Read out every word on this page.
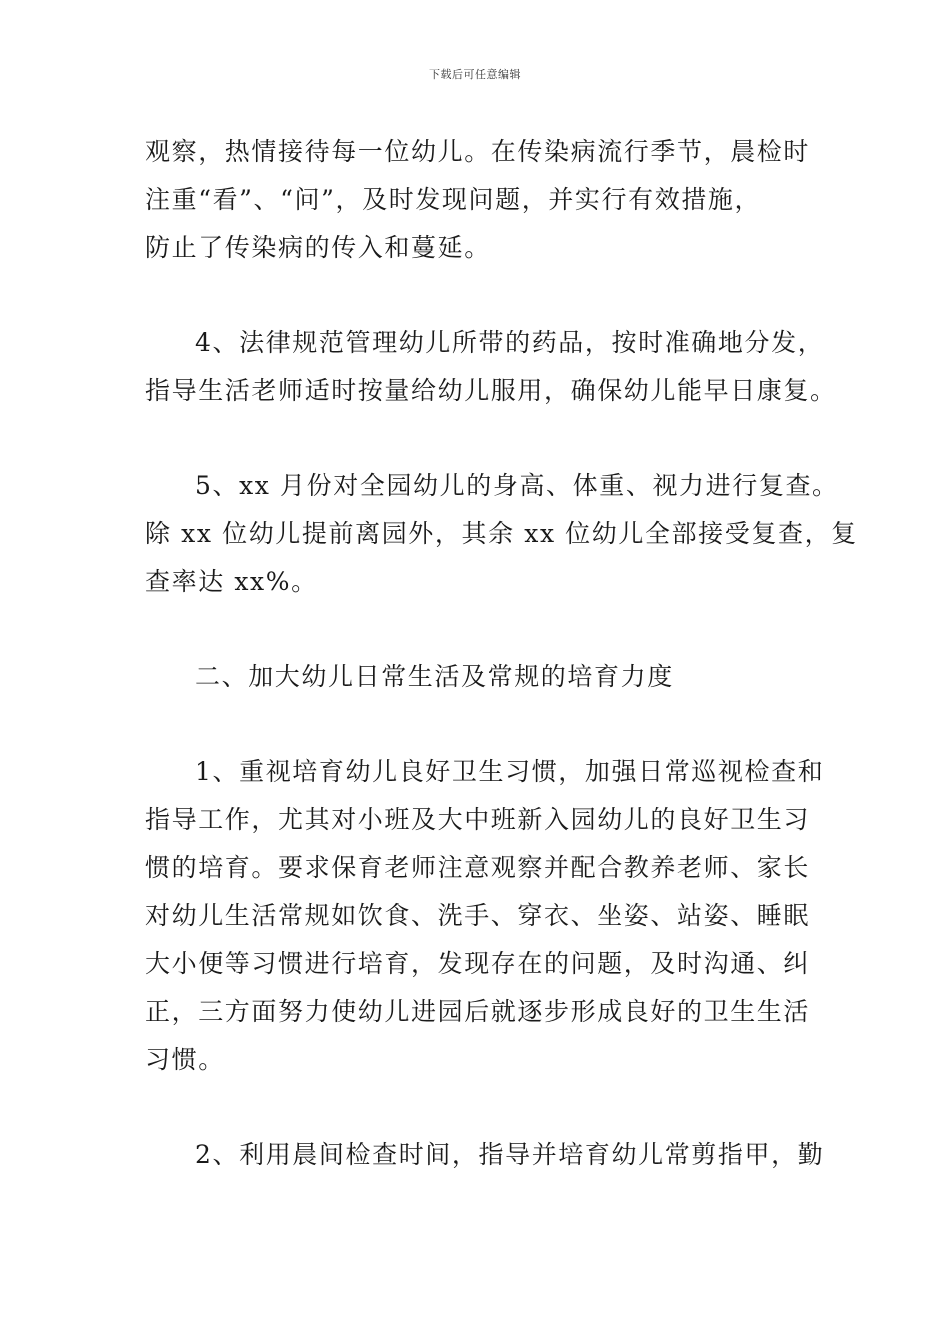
下载后可任意编辑
观察，热情接待每一位幼儿。在传染病流行季节，晨检时
注重“看”、“问”，及时发现问题，并实行有效措施，
防止了传染病的传入和蔓延。
4、法律规范管理幼儿所带的药品，按时准确地分发，
指导生活老师适时按量给幼儿服用，确保幼儿能早日康复。
5、xx 月份对全园幼儿的身高、体重、视力进行复查。
除 xx 位幼儿提前离园外，其余 xx 位幼儿全部接受复查，复
查率达 xx%。
二、加大幼儿日常生活及常规的培育力度
1、重视培育幼儿良好卫生习惯，加强日常巡视检查和
指导工作，尤其对小班及大中班新入园幼儿的良好卫生习
惯的培育。要求保育老师注意观察并配合教养老师、家长
对幼儿生活常规如饮食、洗手、穿衣、坐姿、站姿、睡眠
大小便等习惯进行培育，发现存在的问题，及时沟通、纠
正，三方面努力使幼儿进园后就逐步形成良好的卫生生活
习惯。
2、利用晨间检查时间，指导并培育幼儿常剪指甲，勤
